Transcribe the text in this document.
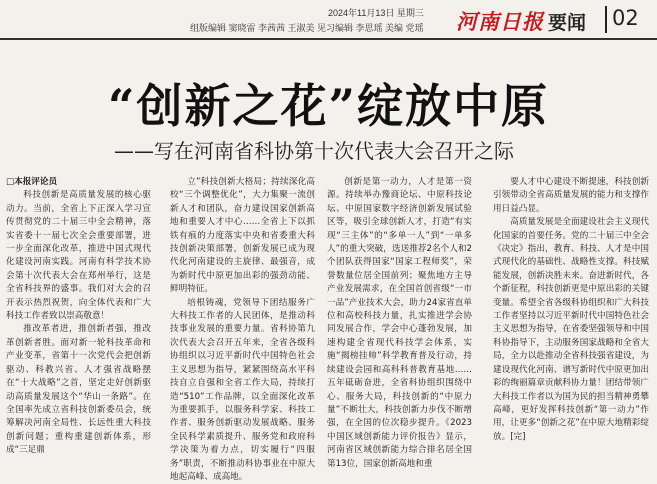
2024年11月13日 星期三
组版编辑 窦晓雷 李茜茜 王淑美 见习编辑 李思瑶 美编 党瑶 河南日报 要闻 02
“创新之花”绽放中原
——写在河南省科协第十次代表大会召开之际

□本报评论员

科技创新是高质量发展的核心驱动力。当前，全省上下正深入学习宣传贯彻党的二十届三中全会精神，落实省委十一届七次全会重要部署，进一步全面深化改革，推进中国式现代化建设河南实践。河南有科学技术协会第十次代表大会在郑州举行，这是全省科技界的盛事。我们对大会的召开表示热烈祝贺，向全体代表和广大科技工作者致以崇高敬意！

推改革者进，推创新者强，推改革创新者胜。面对新一轮科技革命和产业变革，省第十一次党代会把创新驱动、科教兴省、人才强省战略摆在“十大战略”之首，坚定走好创新驱动高质量发展这个“华山一条路”。在全国率先成立省科技创新委员会，统筹解决河南全局性、长远性重大科技创新问题；重构重建创新体系，形成“三足鼎

立”科技创新大格局；持续深化高校“三个调整优化”，大力集聚一流创新人才和团队，奋力建设国家创新高地和重要人才中心……全省上下以抓铁有痕的力度落实中央和省委重大科技创新决策部署，创新发展已成为现代化河南建设的主旋律、最强音，成为新时代中原更加出彩的强劲动能、鲜明特征。

培根铸魂，党领导下团结服务广大科技工作者的人民团体，是推动科技事业发展的重要力量。省科协第九次代表大会召开五年来，全省各级科协组织以习近平新时代中国特色社会主义思想为指导，紧紧围绕高水平科技自立自强和全省工作大局，持续打造“510”工作品牌，以全面深化改革为重要抓手，以服务科学家、科技工作者、服务创新驱动发展战略、服务全民科学素质提升、服务党和政府科学决策为着力点，切实履行“四服务”职责，不断推动科协事业在中原大地起高峰、成高地。

创新是第一动力，人才是第一资源。持续举办豫商论坛、中原科技论坛、中原国家数字经济创新发展试验区等，吸引全球创新人才，打造“有实现“三主体”的“多单一人”到“一单多人”的重大突破，选送推荐2名个人和2个团队获得国家“国家工程师奖”，荣誉数量位居全国前列；聚焦地方主导产业发展需求，在全国首创省级“一市一品”产业技术大会，助力24家省直单位和高校科技力量，扎实推进学会协同发展合作，学会中心蓬勃发展，加速构建全省现代科技学会体系，实施“揭榜挂帅”科学教育普及行动，持续建设会园和高科科普教育基地……五年砥砺奋进，全省科协组织围绕中心、服务大局，科技创新的“中原力量”不断壮大，科技创新力步伐不断增强，在全国的位次稳步提升。《2023中国区域创新能力评价报告》显示，河南省区域创新能力综合排名居全国第13位，国家创新高地和重

要人才中心建设不断提速，科技创新引领带动全省高质量发展的能力和支撑作用日益凸显。

高质量发展是全面建设社会主义现代化国家的首要任务。党的二十届三中全会《决定》指出，教育、科技、人才是中国式现代化的基础性、战略性支撑。科技赋能发展，创新决胜未来。奋进新时代，各个新征程，科技创新更是中原出彩的关键变量。希望全省各级科协组织和广大科技工作者坚持以习近平新时代中国特色社会主义思想为指导，在省委坚强领导和中国科协指导下，主动服务国家战略和全省大局，全力以赴推动全省科技强省建设，为建设现代化河南、谱写新时代中原更加出彩的绚丽篇章贡献科协力量！团结带领广大科技工作者以为国为民的担当精神勇攀高峰，更好发挥科技创新“第一动力”作用，让更多“创新之花”在中原大地精彩绽放。[完]
